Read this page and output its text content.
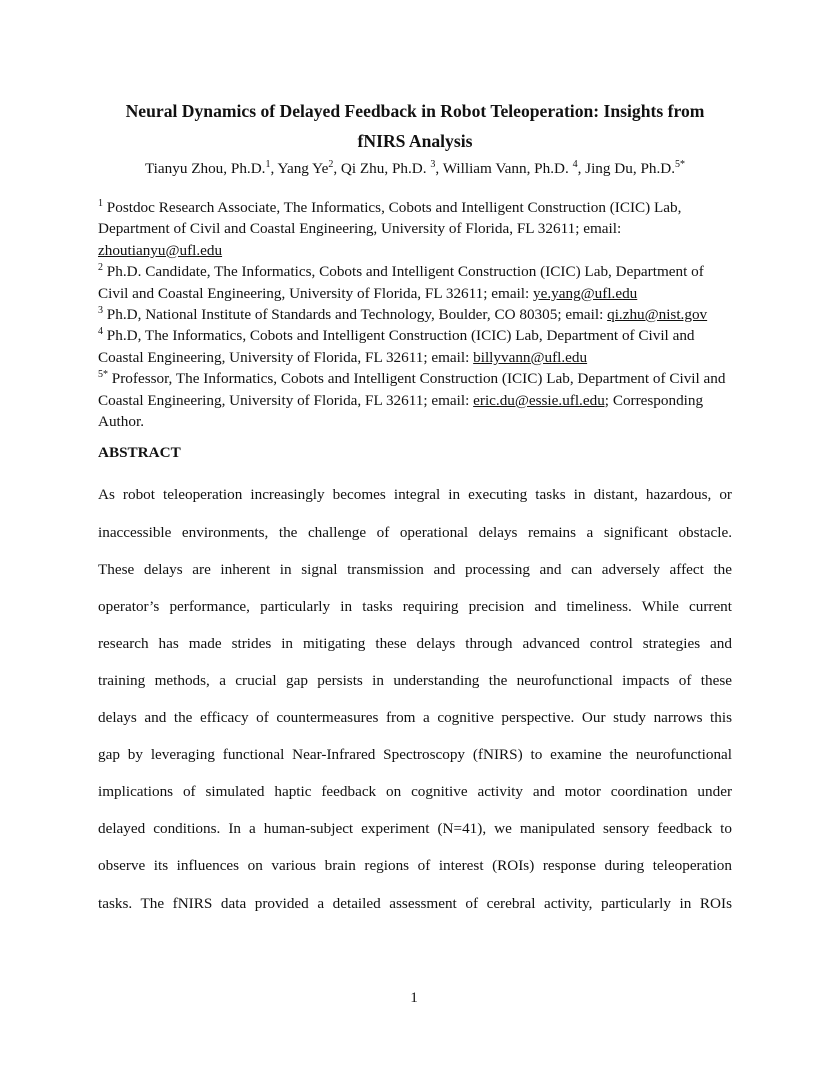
Neural Dynamics of Delayed Feedback in Robot Teleoperation: Insights from
fNIRS Analysis

Tianyu Zhou, Ph.D.$^1$, Yang Ye$^2$, Qi Zhu, Ph.D. $^3$, William Vann, Ph.D. $^4$, Jing Du, Ph.D.$^{5*}$

$^1$ Postdoc Research Associate, The Informatics, Cobots and Intelligent Construction (ICIC) Lab, Department of Civil and Coastal Engineering, University of Florida, FL 32611; email: zhoutianyu@ufl.edu

$^2$ Ph.D. Candidate, The Informatics, Cobots and Intelligent Construction (ICIC) Lab, Department of Civil and Coastal Engineering, University of Florida, FL 32611; email: ye.yang@ufl.edu

$^3$ Ph.D, National Institute of Standards and Technology, Boulder, CO 80305; email: qi.zhu@nist.gov

$^4$ Ph.D, The Informatics, Cobots and Intelligent Construction (ICIC) Lab, Department of Civil and Coastal Engineering, University of Florida, FL 32611; email: billyvann@ufl.edu

$^{5*}$ Professor, The Informatics, Cobots and Intelligent Construction (ICIC) Lab, Department of Civil and Coastal Engineering, University of Florida, FL 32611; email: eric.du@essie.ufl.edu; Corresponding Author.

ABSTRACT
As robot teleoperation increasingly becomes integral in executing tasks in distant, hazardous, or
inaccessible environments, the challenge of operational delays remains a significant obstacle.
These delays are inherent in signal transmission and processing and can adversely affect the
operator’s performance, particularly in tasks requiring precision and timeliness. While current
research has made strides in mitigating these delays through advanced control strategies and
training methods, a crucial gap persists in understanding the neurofunctional impacts of these
delays and the efficacy of countermeasures from a cognitive perspective. Our study narrows this
gap by leveraging functional Near-Infrared Spectroscopy (fNIRS) to examine the neurofunctional
implications of simulated haptic feedback on cognitive activity and motor coordination under
delayed conditions. In a human-subject experiment (N=41), we manipulated sensory feedback to
observe its influences on various brain regions of interest (ROIs) response during teleoperation
tasks. The fNIRS data provided a detailed assessment of cerebral activity, particularly in ROIs
1
